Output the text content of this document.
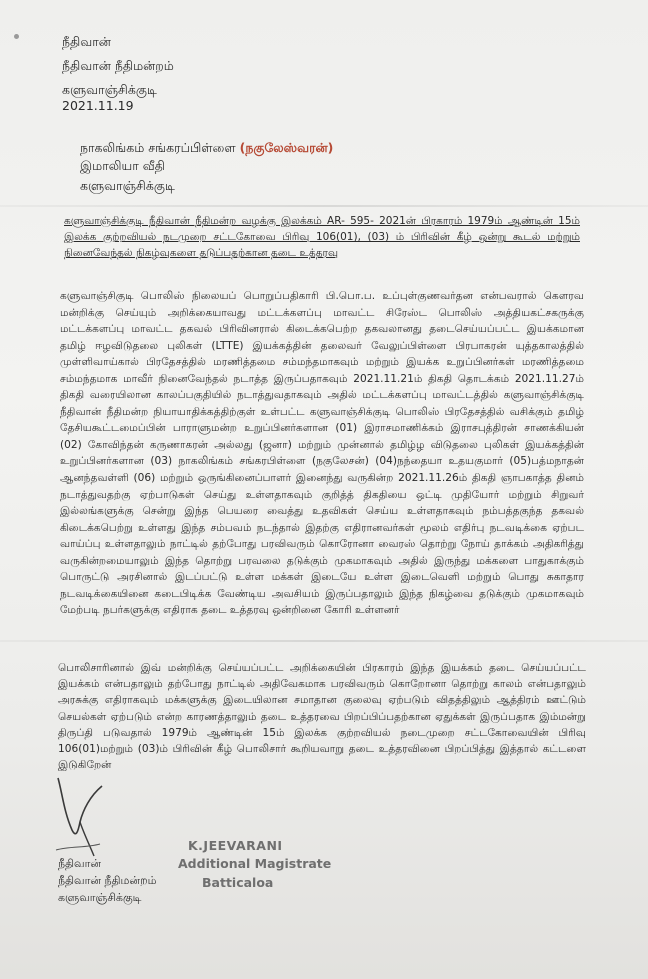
நீதிவான்
நீதிவான் நீதிமன்றம்
களுவாஞ்சிக்குடி
2021.11.19
நாகலிங்கம் சங்கரப்பிள்ளை (நகுலேஸ்வரன்)
இமாலியா வீதி
களுவாஞ்சிக்குடி
களுவாஞ்சிக்குடி நீதிவான் நீதிமன்ற வழக்கு இலக்கம் AR- 595- 2021ன் பிரகாரம் 1979ம் ஆண்டின் 15ம் இலக்க குற்றவியல் நடமுறை சட்டகோவை பிரிவு 106(01), (03) ம் பிரிவின் கீழ் ஒன்று கூடல் மற்றும் நினைவேந்தல் நிகழ்வுகளை தடுப்பதற்கான தடை உத்தரவு
களுவாஞ்சிகுடி பொலிஸ் நிலையப் பொறுப்பதிகாரி பி.பொ.ப. உப்புள்குணவர்தன என்பவரால் கௌரவ மன்றிக்கு செய்யும் அறிக்கையாவது மட்டக்களப்பு மாவட்ட சிரேஸ்ட பொலிஸ் அத்தியகட்சகருக்கு மட்டக்களப்பு மாவட்ட தகவல் பிரிவினரால் கிடைக்கபெற்ற தகவலானது தடைசெய்யப்பட்ட இயக்கமான தமிழ் ஈழவிடுதலை புலிகள் (LTTE) இயக்கத்தின் தலைவர் வேலுப்பிள்ளை பிரபாகரன் யுத்தகாலத்தில் முள்ளிவாய்கால் பிரதேசத்தில் மரணித்தமை சம்மந்தமாகவும் மற்றும் இயக்க உறுப்பினர்கள் மரணித்தமை சம்மந்தமாக மாவீர் நினைவேந்தல் நடாத்த இருப்பதாகவும் 2021.11.21ம் திகதி தொடக்கம் 2021.11.27ம் திகதி வரையிலான காலப்பகுதியில் நடாத்துவதாகவும் அதில் மட்டக்களப்பு மாவட்டத்தில் களுவாஞ்சிக்குடி நீதிவான் நீதிமன்ற நியாயாதிக்கத்திற்குள் உள்பட்ட களுவாஞ்சிக்குடி பொலிஸ் பிரதேசத்தில் வசிக்கும் தமிழ் தேசியகூட்டமைப்பின் பாராளுமன்ற உறுப்பினர்களான (01) இராசமாணிக்கம் இராசபுத்திரன் சாணக்கியன் (02) கோவிந்தன் கருணாகரன் அல்லது (ஜனா) மற்றும் முன்னால் தமிழ்ழ விடுதலை புலிகள் இயக்கத்தின் உறுப்பினர்களான (03) நாகலிங்கம் சங்கரபிள்ளை (நகுலேசன்) (04)நந்தையா உதயகுமார் (05)பத்மநாதன் ஆனந்தவள்ளி (06) மற்றும் ஒருங்கினைப்பாளர் இனைந்து வருகின்ற 2021.11.26ம் திகதி ஞாபகாத்த தினம் நடாத்துவதற்கு ஏற்பாடுகள் செய்து உள்ளதாகவும் குறித்த் திகதியை ஒட்டி முதியோர் மற்றும் சிறுவர் இல்லங்களுக்கு சென்று இந்த பெயரை வைத்து உதவிகள் செய்ய உள்ளதாகவும் நம்பத்தகுந்த தகவல் கிடைக்கபெற்று உள்ளது இந்த சம்பவம் நடந்தால் இதற்கு எதிரானவர்கள் மூலம் எதிர்பு நடவடிக்கை ஏற்பட வாய்ப்பு உள்ளதாலும் நாட்டில் தற்போது பரவிவரும் கொரோனா வைரஸ் தொற்று நோய் தாக்கம் அதிகரித்து வருகின்றமையாலும் இந்த தொற்று பரவலை தடுக்கும் முகமாகவும் அதில் இருந்து மக்களை பாதுகாக்கும் பொருட்டு அரசினால் இடப்பட்டு உள்ள மக்கள் இடையே உள்ள இடைவெளி மற்றும் பொது சுகாதார நடவடிக்கையினை கடைபிடிக்க வேண்டிய அவசியம் இருப்பதாலும் இந்த நிகழ்வை தடுக்கும் முகமாகவும் மேற்படி நபர்களுக்கு எதிராக தடை உத்தரவு ஒன்றினை கோரி உள்ளனர்
பொலிசாரினால் இவ் மன்றிக்கு செய்யப்பட்ட அறிக்கையின் பிரகாரம் இந்த இயக்கம் தடை செய்யப்பட்ட இயக்கம் என்பதாலும் தற்போது நாட்டில் அதிவேகமாக பரவிவரும் கொறோனா தொற்று காலம் என்பதாலும் அரசுக்கு எதிராகவும் மக்களுக்கு இடையிலான சமாதான குலைவு ஏற்படும் விதத்திலும் ஆத்திரம் ஊட்டும் செயல்கள் ஏற்படும் என்ற காரணத்தாலும் தடை உத்தரவை பிறப்பிப்பதற்கான ஏதுக்கள் இருப்பதாக இம்மன்று திருப்தி படுவதால் 1979ம் ஆண்டின் 15ம் இலக்க குற்றவியல் நடைமுறை சட்டகோவையின் பிரிவு 106(01)மற்றும் (03)ம் பிரிவின் கீழ் பொலிசார் கூறியவாறு தடை உத்தரவினை பிறப்பித்து இத்தால் கட்டளை இடுகிறேன்
நீதிவான்
நீதிவான் நீதிமன்றம்
களுவாஞ்சிக்குடி
K.JEEVARANI
Additional Magistrate
Batticaloa
